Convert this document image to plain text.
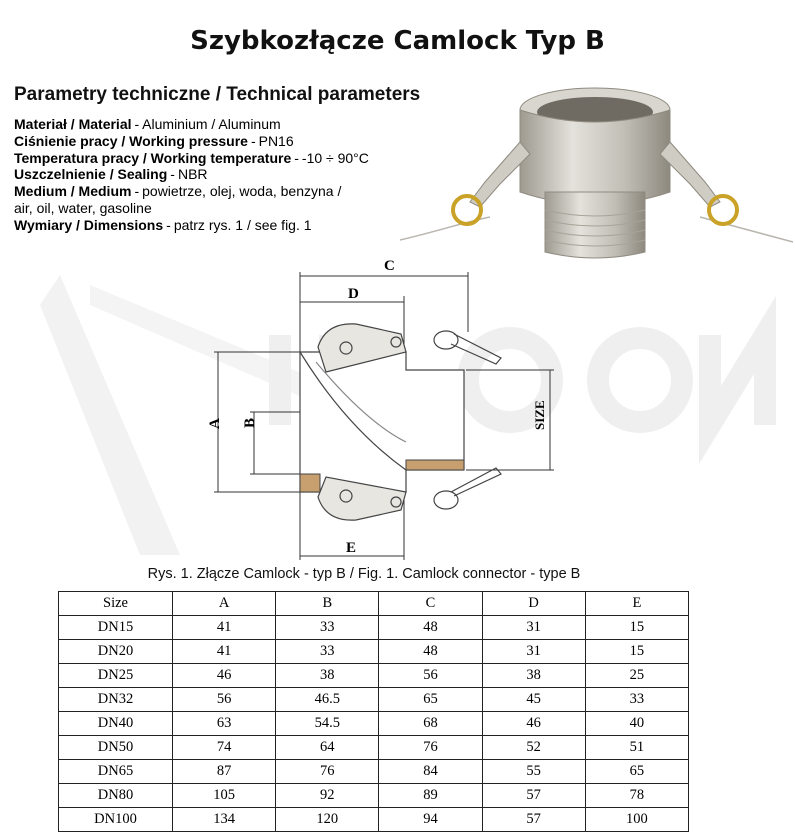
Szybkozłącze Camlock Typ B
Parametry techniczne / Technical parameters
Materiał / Material - Aluminium / Aluminum
Ciśnienie pracy / Working pressure - PN16
Temperatura pracy / Working temperature - -10 ÷ 90°C
Uszczelnienie / Sealing - NBR
Medium / Medium - powietrze, olej, woda, benzyna /
air, oil, water, gasoline
Wymiary / Dimensions - patrz rys. 1 / see fig. 1
C
D
A B	SIZE
E
Rys. 1. Złącze Camlock - typ B / Fig. 1. Camlock connector - type B
Size	A	B	C	D	E
DN15	41	33	48	31	15
DN20	41	33	48	31	15
DN25	46	38	56	38	25
DN32	56	46.5	65	45	33
DN40	63	54.5	68	46	40
DN50	74	64	76	52	51
DN65	87	76	84	55	65
DN80	105	92	89	57	78
DN100	134	120	94	57	100
